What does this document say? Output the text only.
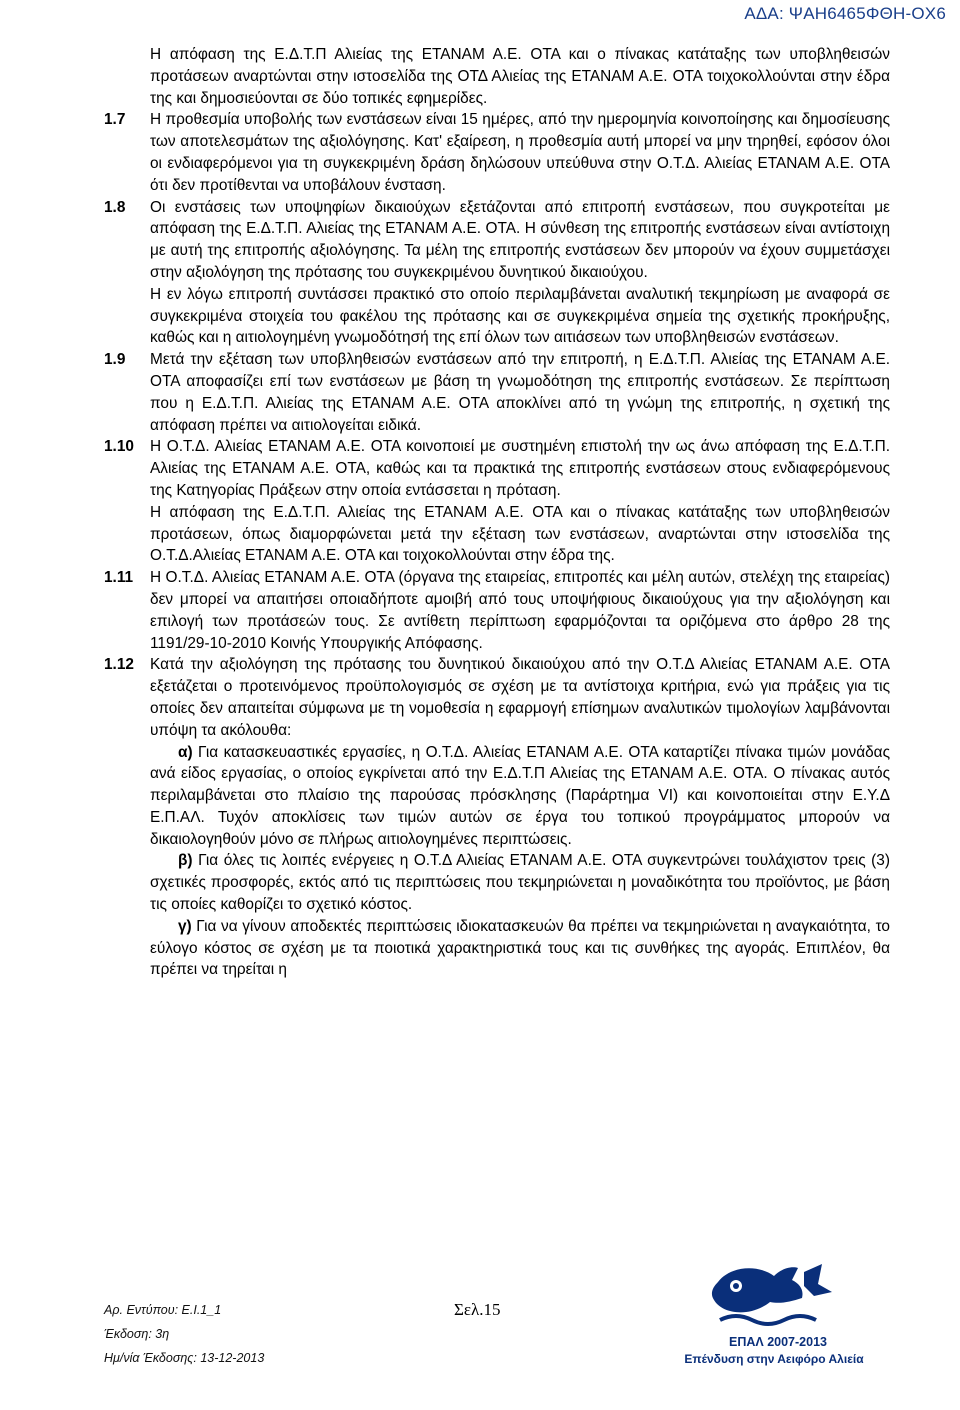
ΑΔΑ: ΨΑΗ6465ΦΘΗ-ΟΧ6

Η απόφαση της Ε.Δ.Τ.Π Αλιείας της ΕΤΑΝΑΜ Α.Ε. ΟΤΑ και ο πίνακας κατάταξης των υποβληθεισών προτάσεων αναρτώνται στην ιστοσελίδα της ΟΤΔ Αλιείας της ΕΤΑΝΑΜ Α.Ε. ΟΤΑ τοιχοκολλούνται στην έδρα της και δημοσιεύονται σε δύο τοπικές εφημερίδες.

1.7	Η προθεσμία υποβολής των ενστάσεων είναι 15 ημέρες, από την ημερομηνία κοινοποίησης και δημοσίευσης των αποτελεσμάτων της αξιολόγησης. Κατ' εξαίρεση, η προθεσμία αυτή μπορεί να μην τηρηθεί, εφόσον όλοι οι ενδιαφερόμενοι για τη συγκεκριμένη δράση δηλώσουν υπεύθυνα στην Ο.Τ.Δ. Αλιείας ΕΤΑΝΑΜ Α.Ε. ΟΤΑ ότι δεν προτίθενται να υποβάλουν ένσταση.
1.8	Οι ενστάσεις των υποψηφίων δικαιούχων εξετάζονται από επιτροπή ενστάσεων, που συγκροτείται με απόφαση της Ε.Δ.Τ.Π. Αλιείας της ΕΤΑΝΑΜ Α.Ε. ΟΤΑ. Η σύνθεση της επιτροπής ενστάσεων είναι αντίστοιχη με αυτή της επιτροπής αξιολόγησης. Τα μέλη της επιτροπής ενστάσεων δεν μπορούν να έχουν συμμετάσχει στην αξιολόγηση της πρότασης του συγκεκριμένου δυνητικού δικαιούχου.

Η εν λόγω επιτροπή συντάσσει πρακτικό στο οποίο περιλαμβάνεται αναλυτική τεκμηρίωση με αναφορά σε συγκεκριμένα στοιχεία του φακέλου της πρότασης και σε συγκεκριμένα σημεία της σχετικής προκήρυξης, καθώς και η αιτιολογημένη γνωμοδότησή της επί όλων των αιτιάσεων των υποβληθεισών ενστάσεων.

1.9	Μετά την εξέταση των υποβληθεισών ενστάσεων από την επιτροπή, η Ε.Δ.Τ.Π. Αλιείας της ΕΤΑΝΑΜ Α.Ε. ΟΤΑ αποφασίζει επί των ενστάσεων με βάση τη γνωμοδότηση της επιτροπής ενστάσεων. Σε περίπτωση που η Ε.Δ.Τ.Π. Αλιείας της ΕΤΑΝΑΜ Α.Ε. ΟΤΑ αποκλίνει από τη γνώμη της επιτροπής, η σχετική της απόφαση πρέπει να αιτιολογείται ειδικά.
1.10	Η Ο.Τ.Δ. Αλιείας ΕΤΑΝΑΜ Α.Ε. ΟΤΑ κοινοποιεί με συστημένη επιστολή την ως άνω απόφαση της Ε.Δ.Τ.Π. Αλιείας της ΕΤΑΝΑΜ Α.Ε. ΟΤΑ, καθώς και τα πρακτικά της επιτροπής ενστάσεων στους ενδιαφερόμενους της Κατηγορίας Πράξεων στην οποία εντάσσεται η πρόταση.

Η απόφαση της Ε.Δ.Τ.Π. Αλιείας της ΕΤΑΝΑΜ Α.Ε. ΟΤΑ και ο πίνακας κατάταξης των υποβληθεισών προτάσεων, όπως διαμορφώνεται μετά την εξέταση των ενστάσεων, αναρτώνται στην ιστοσελίδα της Ο.Τ.Δ.Αλιείας ΕΤΑΝΑΜ Α.Ε. ΟΤΑ και τοιχοκολλούνται στην έδρα της.

1.11	Η Ο.Τ.Δ. Αλιείας ΕΤΑΝΑΜ Α.Ε. ΟΤΑ (όργανα της εταιρείας, επιτροπές και μέλη αυτών, στελέχη της εταιρείας) δεν μπορεί να απαιτήσει οποιαδήποτε αμοιβή από τους υποψήφιους δικαιούχους για την αξιολόγηση και επιλογή των προτάσεών τους. Σε αντίθετη περίπτωση εφαρμόζονται τα οριζόμενα στο άρθρο 28 της 1191/29-10-2010 Κοινής Υπουργικής Απόφασης.
1.12	Κατά την αξιολόγηση της πρότασης του δυνητικού δικαιούχου από την Ο.Τ.Δ Αλιείας ΕΤΑΝΑΜ Α.Ε. ΟΤΑ εξετάζεται ο προτεινόμενος προϋπολογισμός σε σχέση με τα αντίστοιχα κριτήρια, ενώ για πράξεις για τις οποίες δεν απαιτείται σύμφωνα με τη νομοθεσία η εφαρμογή επίσημων αναλυτικών τιμολογίων λαμβάνονται υπόψη τα ακόλουθα:

α) Για κατασκευαστικές εργασίες, η Ο.Τ.Δ. Αλιείας ΕΤΑΝΑΜ Α.Ε. ΟΤΑ καταρτίζει πίνακα τιμών μονάδας ανά είδος εργασίας, ο οποίος εγκρίνεται από την Ε.Δ.Τ.Π Αλιείας της ΕΤΑΝΑΜ Α.Ε. ΟΤΑ. Ο πίνακας αυτός περιλαμβάνεται στο πλαίσιο της παρούσας πρόσκλησης (Παράρτημα VI) και κοινοποιείται στην Ε.Υ.Δ Ε.Π.ΑΛ. Τυχόν αποκλίσεις των τιμών αυτών σε έργα του τοπικού προγράμματος μπορούν να δικαιολογηθούν μόνο σε πλήρως αιτιολογημένες περιπτώσεις.

β) Για όλες τις λοιπές ενέργειες η Ο.Τ.Δ Αλιείας ΕΤΑΝΑΜ Α.Ε. ΟΤΑ συγκεντρώνει τουλάχιστον τρεις (3) σχετικές προσφορές, εκτός από τις περιπτώσεις που τεκμηριώνεται η μοναδικότητα του προϊόντος, με βάση τις οποίες καθορίζει το σχετικό κόστος.

γ) Για να γίνουν αποδεκτές περιπτώσεις ιδιοκατασκευών θα πρέπει να τεκμηριώνεται η αναγκαιότητα, το εύλογο κόστος σε σχέση με τα ποιοτικά χαρακτηριστικά τους και τις συνθήκες της αγοράς. Επιπλέον, θα πρέπει να τηρείται η

Αρ. Εντύπου: Ε.Ι.1_1
Έκδοση: 3η
Ημ/νία Έκδοσης: 13-12-2013
Σελ.15
ΕΠΑΛ 2007-2013
Επένδυση στην Αειφόρο Αλιεία
